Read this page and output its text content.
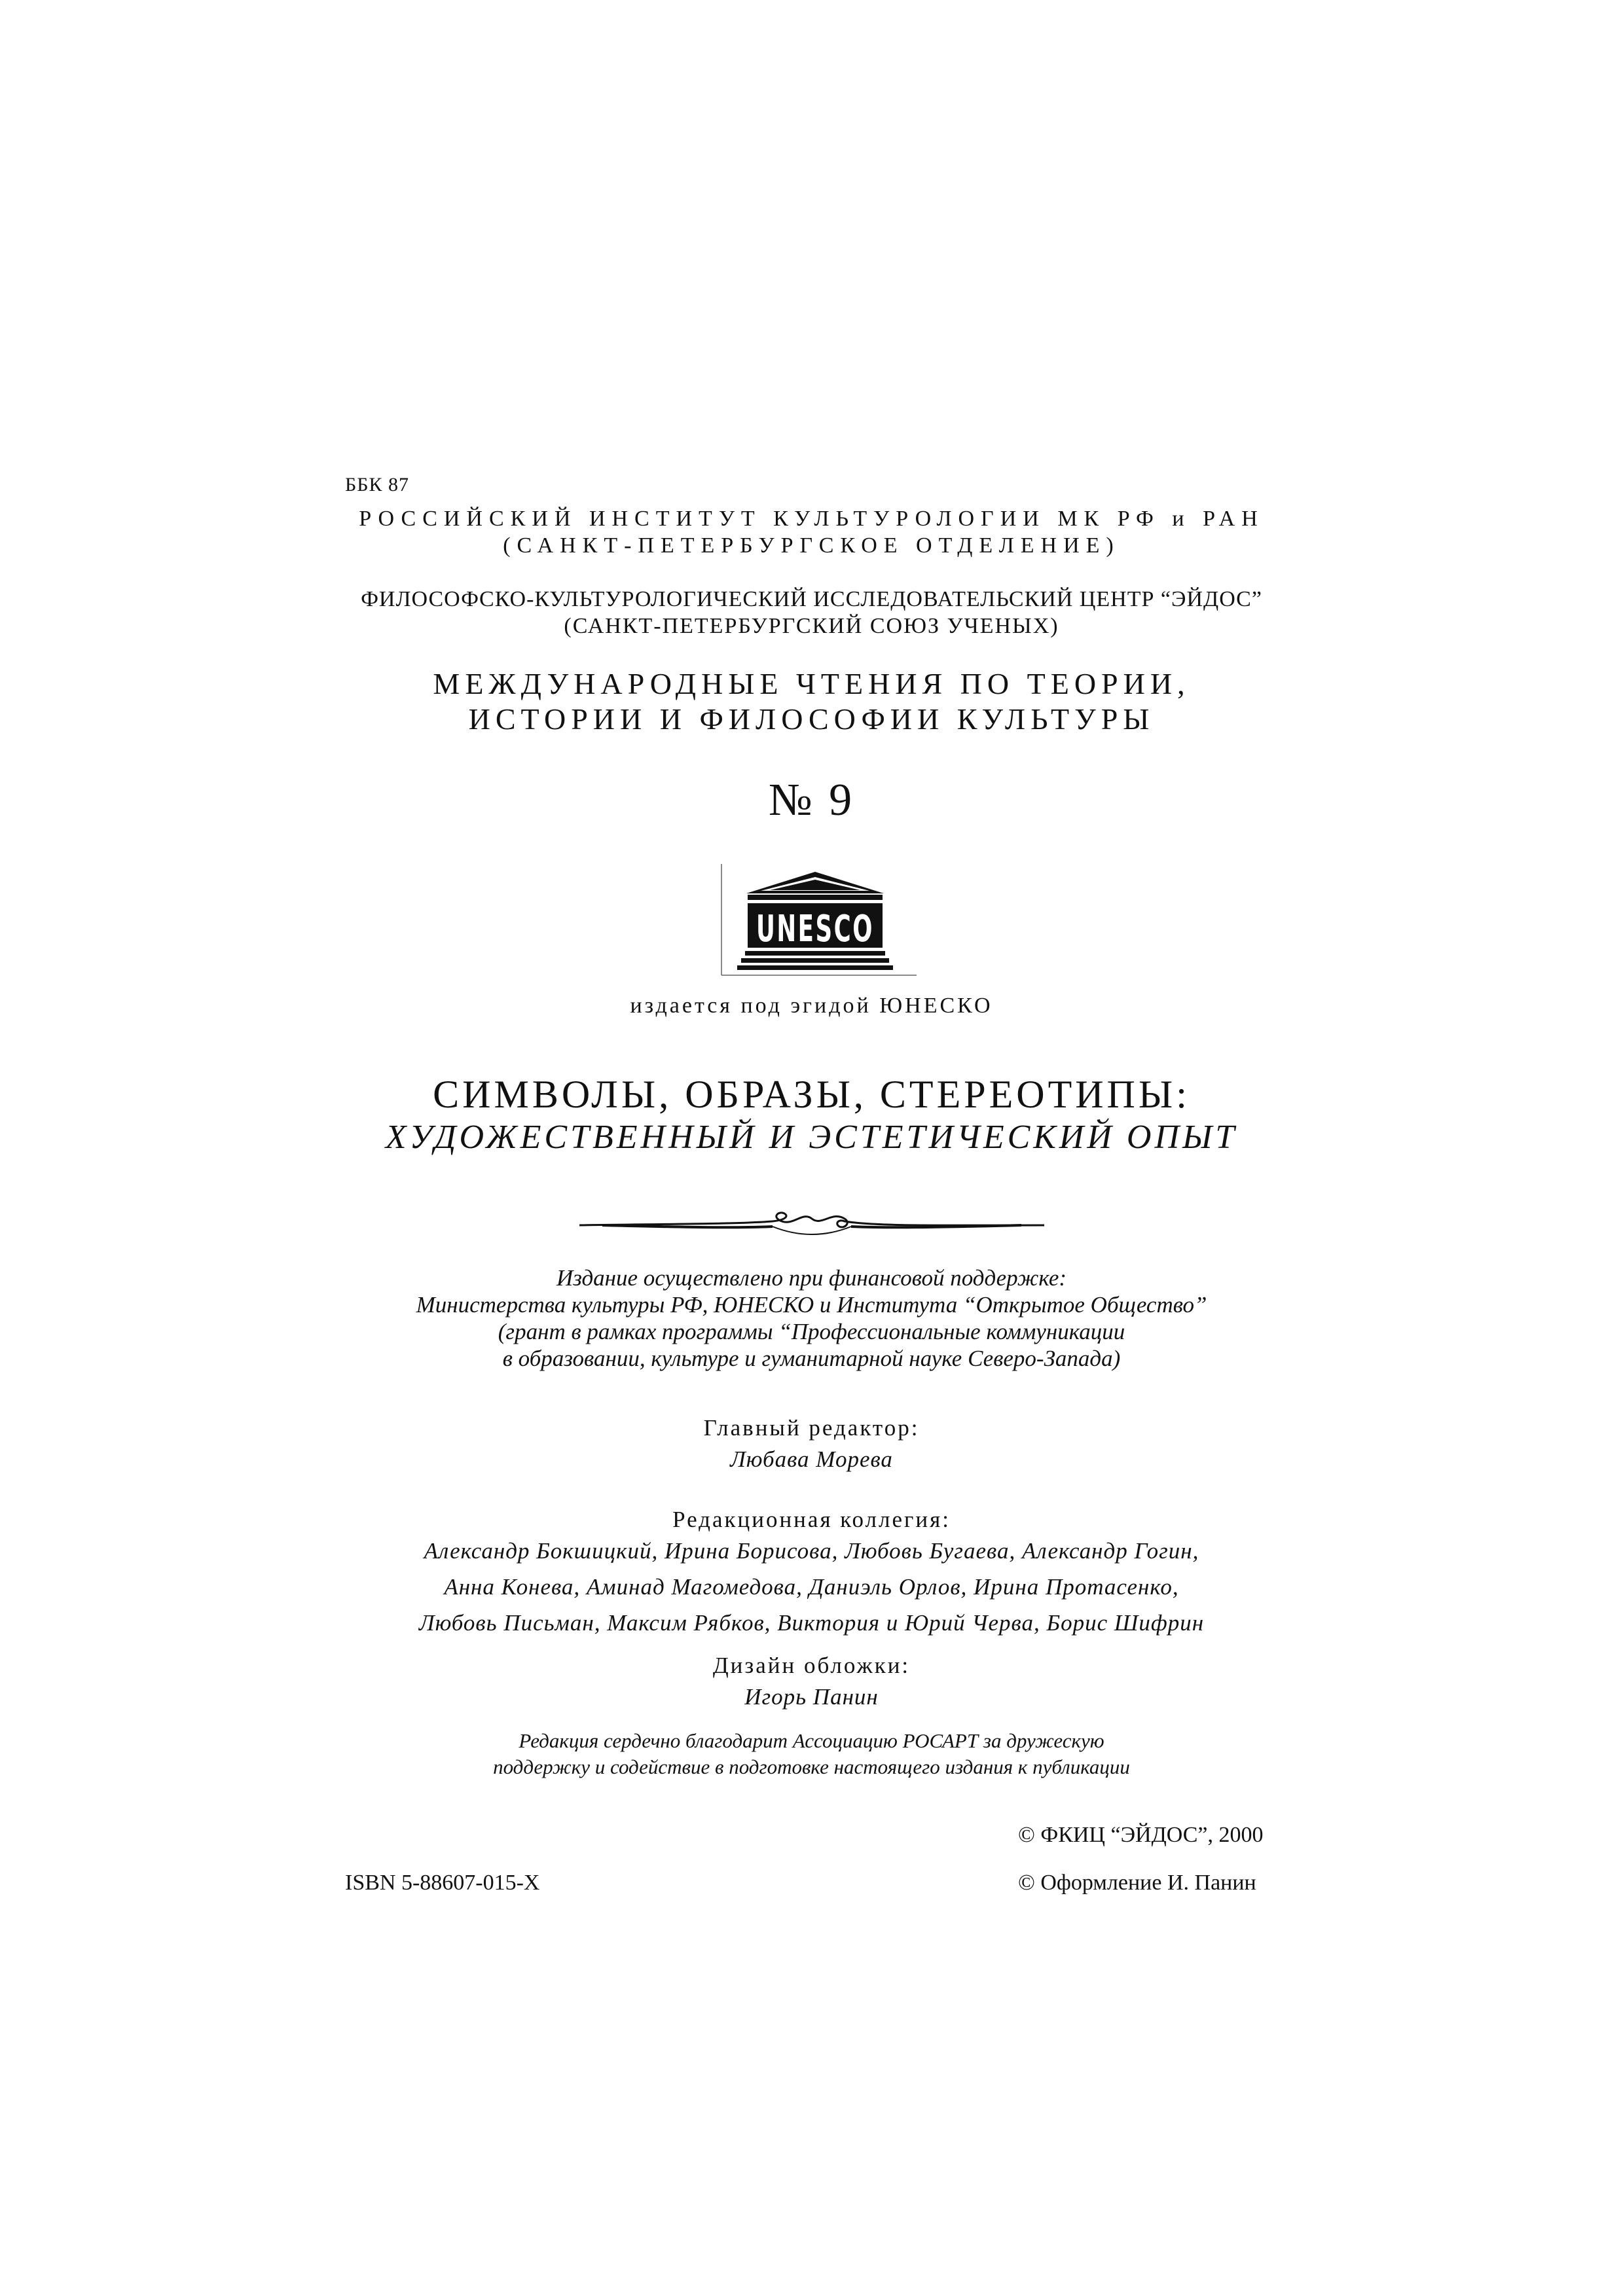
ББК 87
РОССИЙСКИЙ ИНСТИТУТ КУЛЬТУРОЛОГИИ МК РФ и РАН
(САНКТ-ПЕТЕРБУРГСКОЕ ОТДЕЛЕНИЕ)
ФИЛОСОФСКО-КУЛЬТУРОЛОГИЧЕСКИЙ ИССЛЕДОВАТЕЛЬСКИЙ ЦЕНТР “ЭЙДОС”
(САНКТ-ПЕТЕРБУРГСКИЙ СОЮЗ УЧЕНЫХ)
МЕЖДУНАРОДНЫЕ ЧТЕНИЯ ПО ТЕОРИИ,
ИСТОРИИ И ФИЛОСОФИИ КУЛЬТУРЫ
№ 9
UNESCO
издается под эгидой ЮНЕСКО
СИМВОЛЫ, ОБРАЗЫ, СТЕРЕОТИПЫ:
ХУДОЖЕСТВЕННЫЙ И ЭСТЕТИЧЕСКИЙ ОПЫТ
Издание осуществлено при финансовой поддержке:
Министерства культуры РФ, ЮНЕСКО и Института “Открытое Общество”
(грант в рамках программы “Профессиональные коммуникации
в образовании, культуре и гуманитарной науке Северо-Запада)
Главный редактор:
Любава Морева
Редакционная коллегия:
Александр Бокшицкий, Ирина Борисова, Любовь Бугаева, Александр Гогин,
Анна Конева, Аминад Магомедова, Даниэль Орлов, Ирина Протасенко,
Любовь Письман, Максим Рябков, Виктория и Юрий Черва, Борис Шифрин
Дизайн обложки:
Игорь Панин
Редакция сердечно благодарит Ассоциацию РОСАРТ за дружескую
поддержку и содействие в подготовке настоящего издания к публикации
© ФКИЦ “ЭЙДОС”, 2000
ISBN 5-88607-015-X	© Оформление И. Панин
